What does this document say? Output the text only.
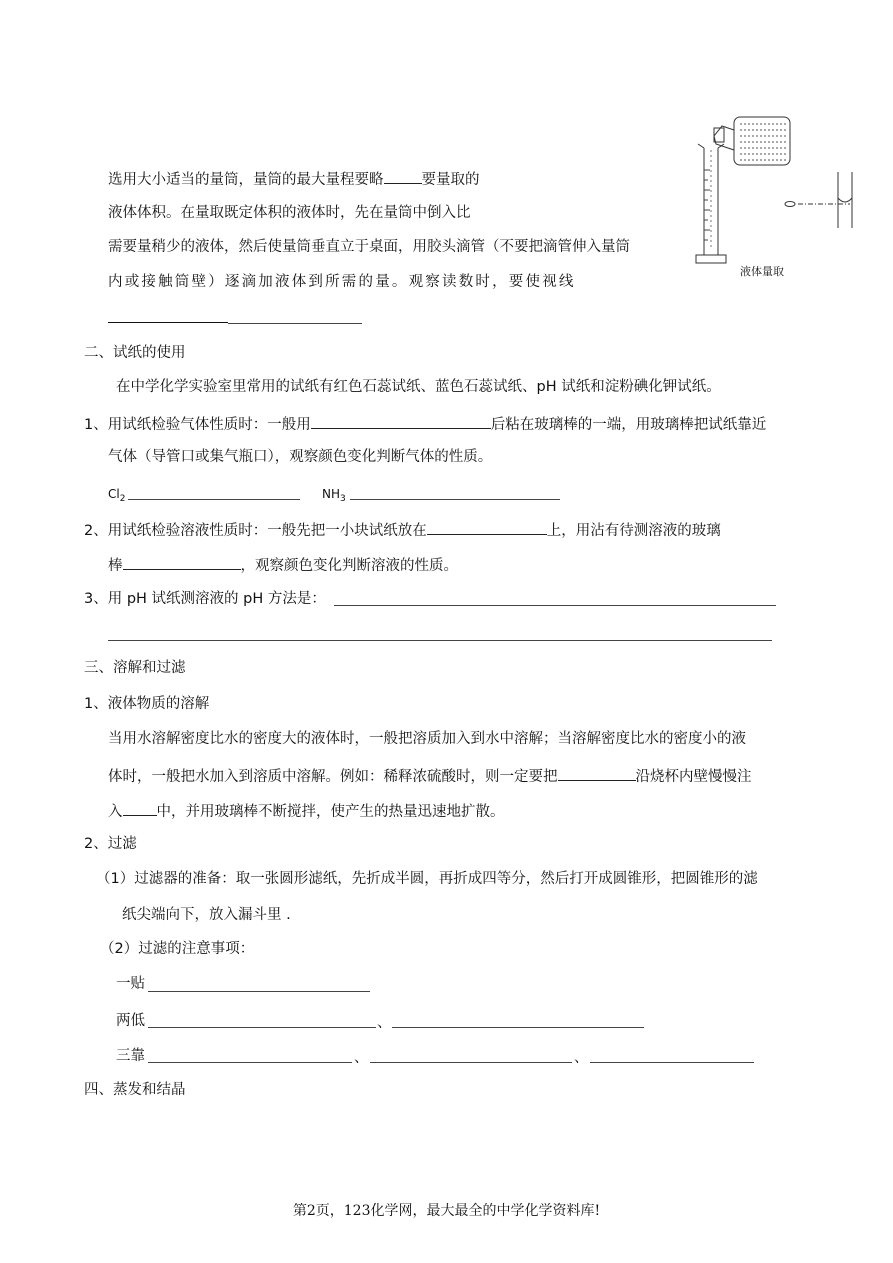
液体量取
选用大小适当的量筒，量筒的最大量程要略	要量取的
液体体积。在量取既定体积的液体时，先在量筒中倒入比
需要量稍少的液体，然后使量筒垂直立于桌面，用胶头滴管（不要把滴管伸入量筒
内或接触筒壁）逐滴加液体到所需的量。观察读数时，要使视线
二、试纸的使用
在中学化学实验室里常用的试纸有红色石蕊试纸、蓝色石蕊试纸、pH 试纸和淀粉碘化钾试纸。
1、用试纸检验气体性质时：一般用	后粘在玻璃棒的一端，用玻璃棒把试纸靠近
气体（导管口或集气瓶口），观察颜色变化判断气体的性质。
$Cl_2$	$NH_3$
2、用试纸检验溶液性质时：一般先把一小块试纸放在	上，用沾有待测溶液的玻璃
棒	，观察颜色变化判断溶液的性质。
3、用 pH 试纸测溶液的 pH 方法是：
三、溶解和过滤
1、液体物质的溶解
当用水溶解密度比水的密度大的液体时，一般把溶质加入到水中溶解；当溶解密度比水的密度小的液
体时，一般把水加入到溶质中溶解。例如：稀释浓硫酸时，则一定要把	沿烧杯内壁慢慢注
入 中，并用玻璃棒不断搅拌，使产生的热量迅速地扩散。
2、过滤
（1）过滤器的准备：取一张圆形滤纸，先折成半圆，再折成四等分，然后打开成圆锥形，把圆锥形的滤
纸尖端向下，放入漏斗里 .
（2）过滤的注意事项：
一贴
两低	、
三靠	、	、
四、蒸发和结晶
第2页，123化学网，最大最全的中学化学资料库!
